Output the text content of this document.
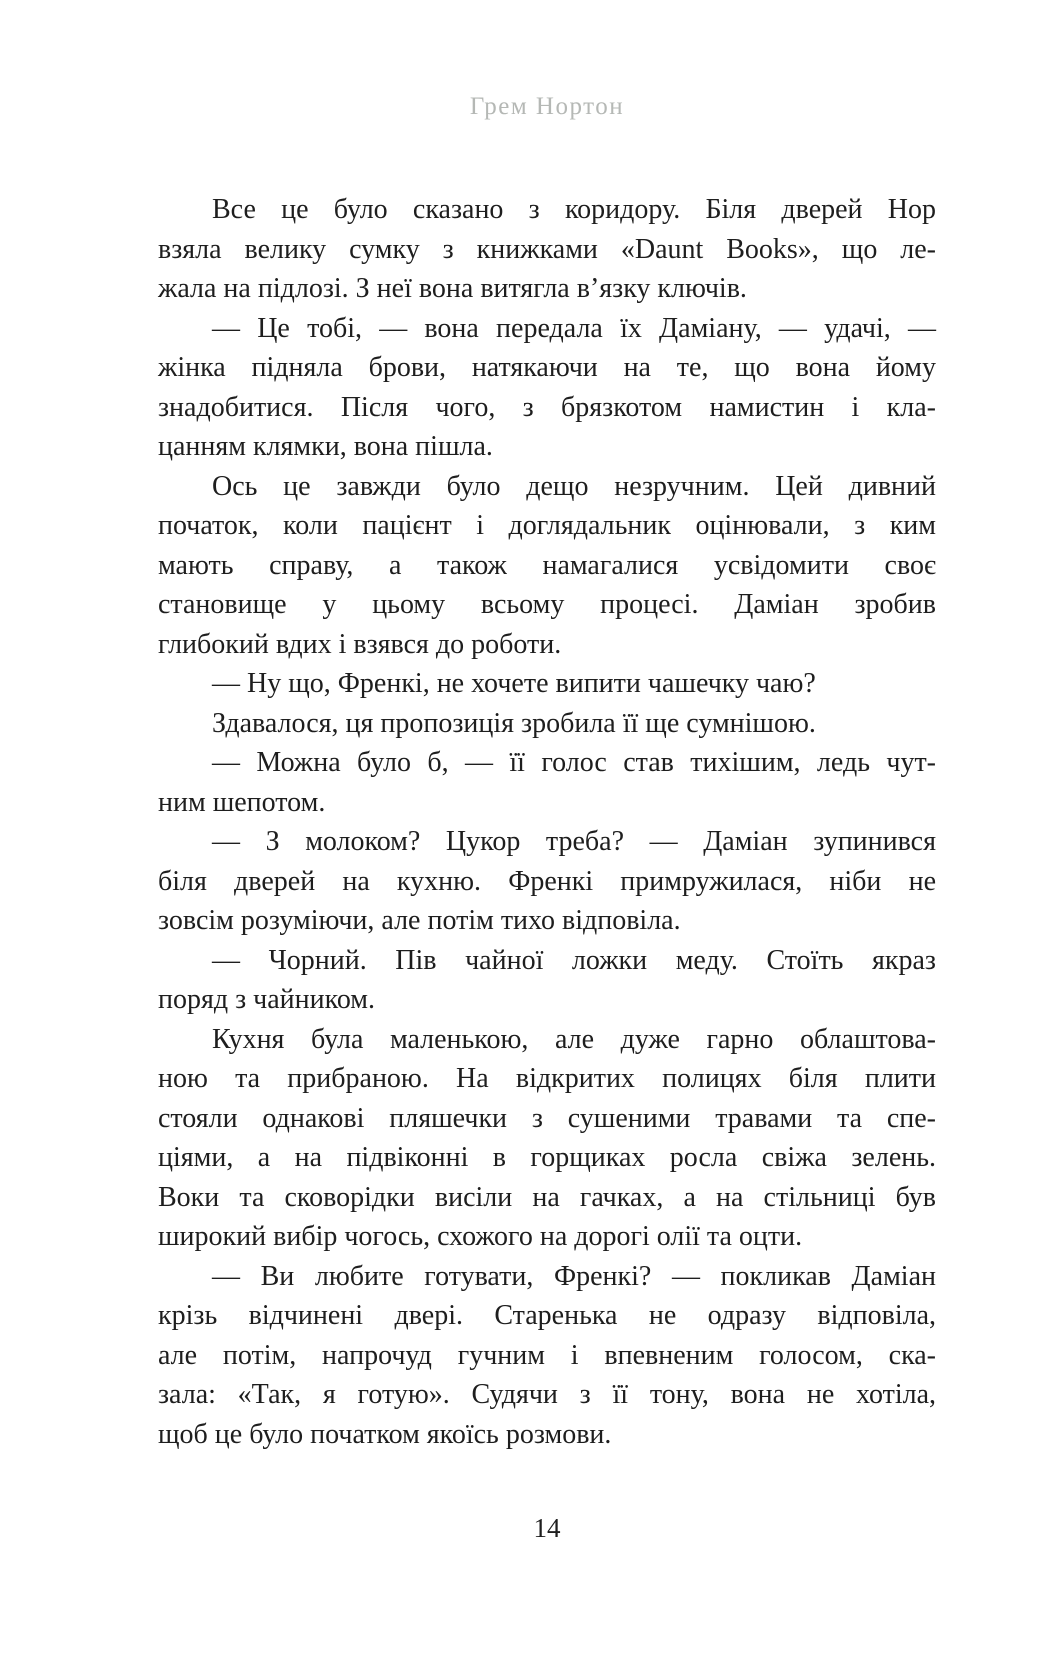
Грем Нортон
Все це було сказано з коридору. Біля дверей Нор
взяла велику сумку з книжками «Daunt Books», що ле-
жала на підлозі. З неї вона витягла в’язку ключів.
— Це тобі, — вона передала їх Даміану, — удачі, —
жінка підняла брови, натякаючи на те, що вона йому
знадобитися. Після чого, з брязкотом намистин і кла-
цанням клямки, вона пішла.
Ось це завжди було дещо незручним. Цей дивний
початок, коли пацієнт і доглядальник оцінювали, з ким
мають справу, а також намагалися усвідомити своє
становище у цьому всьому процесі. Даміан зробив
глибокий вдих і взявся до роботи.
— Ну що, Френкі, не хочете випити чашечку чаю?
Здавалося, ця пропозиція зробила її ще сумнішою.
— Можна було б, — її голос став тихішим, ледь чут-
ним шепотом.
— З молоком? Цукор треба? — Даміан зупинився
біля дверей на кухню. Френкі примружилася, ніби не
зовсім розуміючи, але потім тихо відповіла.
— Чорний. Пів чайної ложки меду. Стоїть якраз
поряд з чайником.
Кухня була маленькою, але дуже гарно облаштова-
ною та прибраною. На відкритих полицях біля плити
стояли однакові пляшечки з сушеними травами та спе-
ціями, а на підвіконні в горщиках росла свіжа зелень.
Воки та сковорідки висіли на гачках, а на стільниці був
широкий вибір чогось, схожого на дорогі олії та оцти.
— Ви любите готувати, Френкі? — покликав Даміан
крізь відчинені двері. Старенька не одразу відповіла,
але потім, напрочуд гучним і впевненим голосом, ска-
зала: «Так, я готую». Судячи з її тону, вона не хотіла,
щоб це було початком якоїсь розмови.
14
